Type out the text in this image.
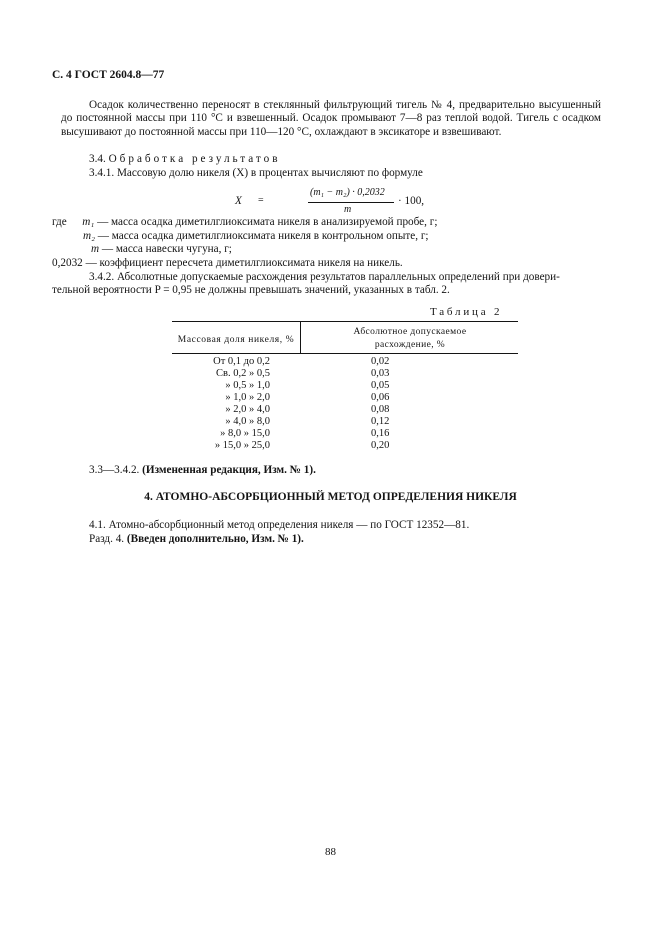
С. 4 ГОСТ 2604.8—77
Осадок количественно переносят в стеклянный фильтрующий тигель № 4, предварительно высушенный до постоянной массы при 110 °С и взвешенный. Осадок промывают 7—8 раз теплой водой. Тигель с осадком высушивают до постоянной массы при 110—120 °С, охлаждают в эксикаторе и взвешивают.
3.4. Обработка результатов
3.4.1. Массовую долю никеля (X) в процентах вычисляют по формуле
X =
(m₁ − m₂) · 0,2032
m
· 100,
где m₁ — масса осадка диметилглиоксимата никеля в анализируемой пробе, г;
m₂ — масса осадка диметилглиоксимата никеля в контрольном опыте, г;
m — масса навески чугуна, г;
0,2032 — коэффициент пересчета диметилглиоксимата никеля на никель.
3.4.2. Абсолютные допускаемые расхождения результатов параллельных определений при довери-
тельной вероятности P = 0,95 не должны превышать значений, указанных в табл. 2.
Таблица 2
Массовая доля никеля, %
Абсолютное допускаемое
расхождение, %
От 0,1 до 0,2	0,02
Св. 0,2 » 0,5	0,03
» 0,5 » 1,0	0,05
» 1,0 » 2,0	0,06
» 2,0 » 4,0	0,08
» 4,0 » 8,0	0,12
» 8,0 » 15,0	0,16
» 15,0 » 25,0	0,20
3.3—3.4.2. (Измененная редакция, Изм. № 1).
4. АТОМНО-АБСОРБЦИОННЫЙ МЕТОД ОПРЕДЕЛЕНИЯ НИКЕЛЯ
4.1. Атомно-абсорбционный метод определения никеля — по ГОСТ 12352—81.
Разд. 4. (Введен дополнительно, Изм. № 1).
88
